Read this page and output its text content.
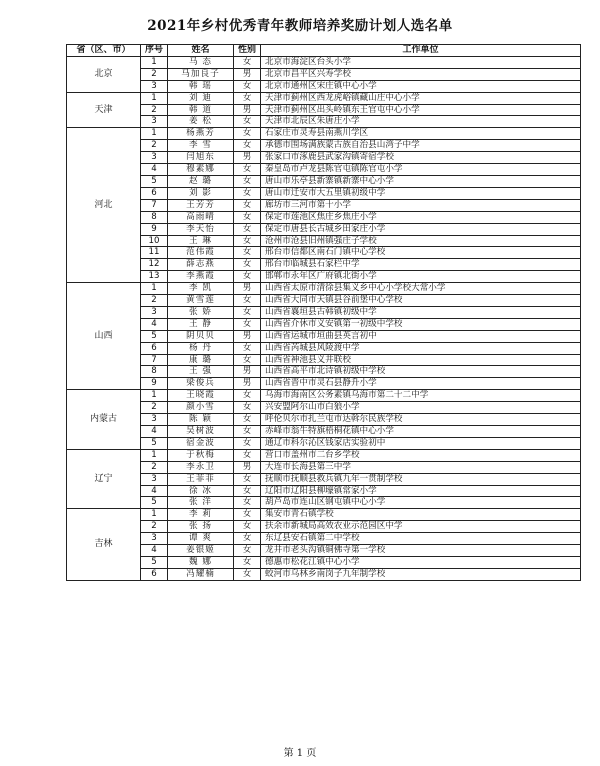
2021年乡村优秀青年教师培养奖励计划人选名单
省（区、市）	序号	姓名	性别	工作单位
北京	1	马 态	女	北京市海淀区台头小学
	2	马加良子	男	北京市昌平区兴寿学校
	3	韩 瑶	女	北京市通州区宋庄镇中心小学
天津	1	刘 迪	女	天津市蓟州区西龙虎峪镇藏山庄中心小学
	2	韩 道	男	天津市蓟州区出头岭镇东王官屯中心小学
	3	姜 松	女	天津市北辰区朱唐庄小学
河北	1	杨燕芳	女	石家庄市灵寿县南燕川学区
	2	李 雪	女	承德市围场满族蒙古族自治县山湾子中学
	3	闫旭东	男	张家口市涿鹿县武家沟镇寄宿学校
	4	穆素娜	女	秦皇岛市卢龙县陈官屯镇陈官屯小学
	5	赵 璐	女	唐山市乐亭县新寨镇新寨中心小学
	6	刘 影	女	唐山市迁安市大五里镇初级中学
	7	王芳芳	女	廊坊市三河市第十小学
	8	高雨晴	女	保定市莲池区焦庄乡焦庄小学
	9	李天怡	女	保定市唐县长古城乡田家庄小学
	10	王 琳	女	沧州市沧县旧州镇强庄子学校
	11	范伟霞	女	邢台市信都区南石门镇中心学校
	12	薛志燕	女	邢台市临城县石家栏中学
	13	李燕霞	女	邯郸市永年区广府镇北街小学
山西	1	李 凯	男	山西省太原市清徐县集义乡中心小学校大常小学
	2	黄雪莲	女	山西省大同市天镇县谷前堡中心学校
	3	张 娇	女	山西省襄垣县古韩镇初级中学
	4	王 静	女	山西省介休市义安镇第一初级中学校
	5	阴贝贝	男	山西省运城市垣曲县英言初中
	6	杨 丹	女	山西省芮城县风陵渡中学
	7	康 璐	女	山西省神池县义井联校
	8	王 强	男	山西省高平市北诗镇初级中学校
	9	梁俊兵	男	山西省晋中市灵石县静升小学
内蒙古	1	王晓霞	女	乌海市海南区公务素镇乌海市第二十二中学
	2	颜小雪	女	兴安盟阿尔山市白狼小学
	3	陈 颖	女	呼伦贝尔市扎兰屯市达斡尔民族学校
	4	吴树波	女	赤峰市翁牛特旗梧桐花镇中心小学
	5	宿金波	女	通辽市科尔沁区钱家店实验初中
辽宁	1	于秋梅	女	营口市盖州市二台乡学校
	2	李永卫	男	大连市长海县第三中学
	3	王菲菲	女	抚顺市抚顺县救兵镇九年一贯制学校
	4	徐 冰	女	辽阳市辽阳县柳壕镇常家小学
	5	张 洋	女	葫芦岛市连山区钢屯镇中心小学
吉林	1	李 莉	女	集安市青石镇学校
	2	张 扬	女	扶余市新城局高效农业示范园区中学
	3	谭 爽	女	东辽县安石镇第二中学校
	4	姜银姬	女	龙井市老头沟镇铜佛寺第一学校
	5	魏 娜	女	德惠市松花江镇中心小学
	6	冯耀楠	女	蛟河市乌林乡南岗子九年制学校
第 1 页
